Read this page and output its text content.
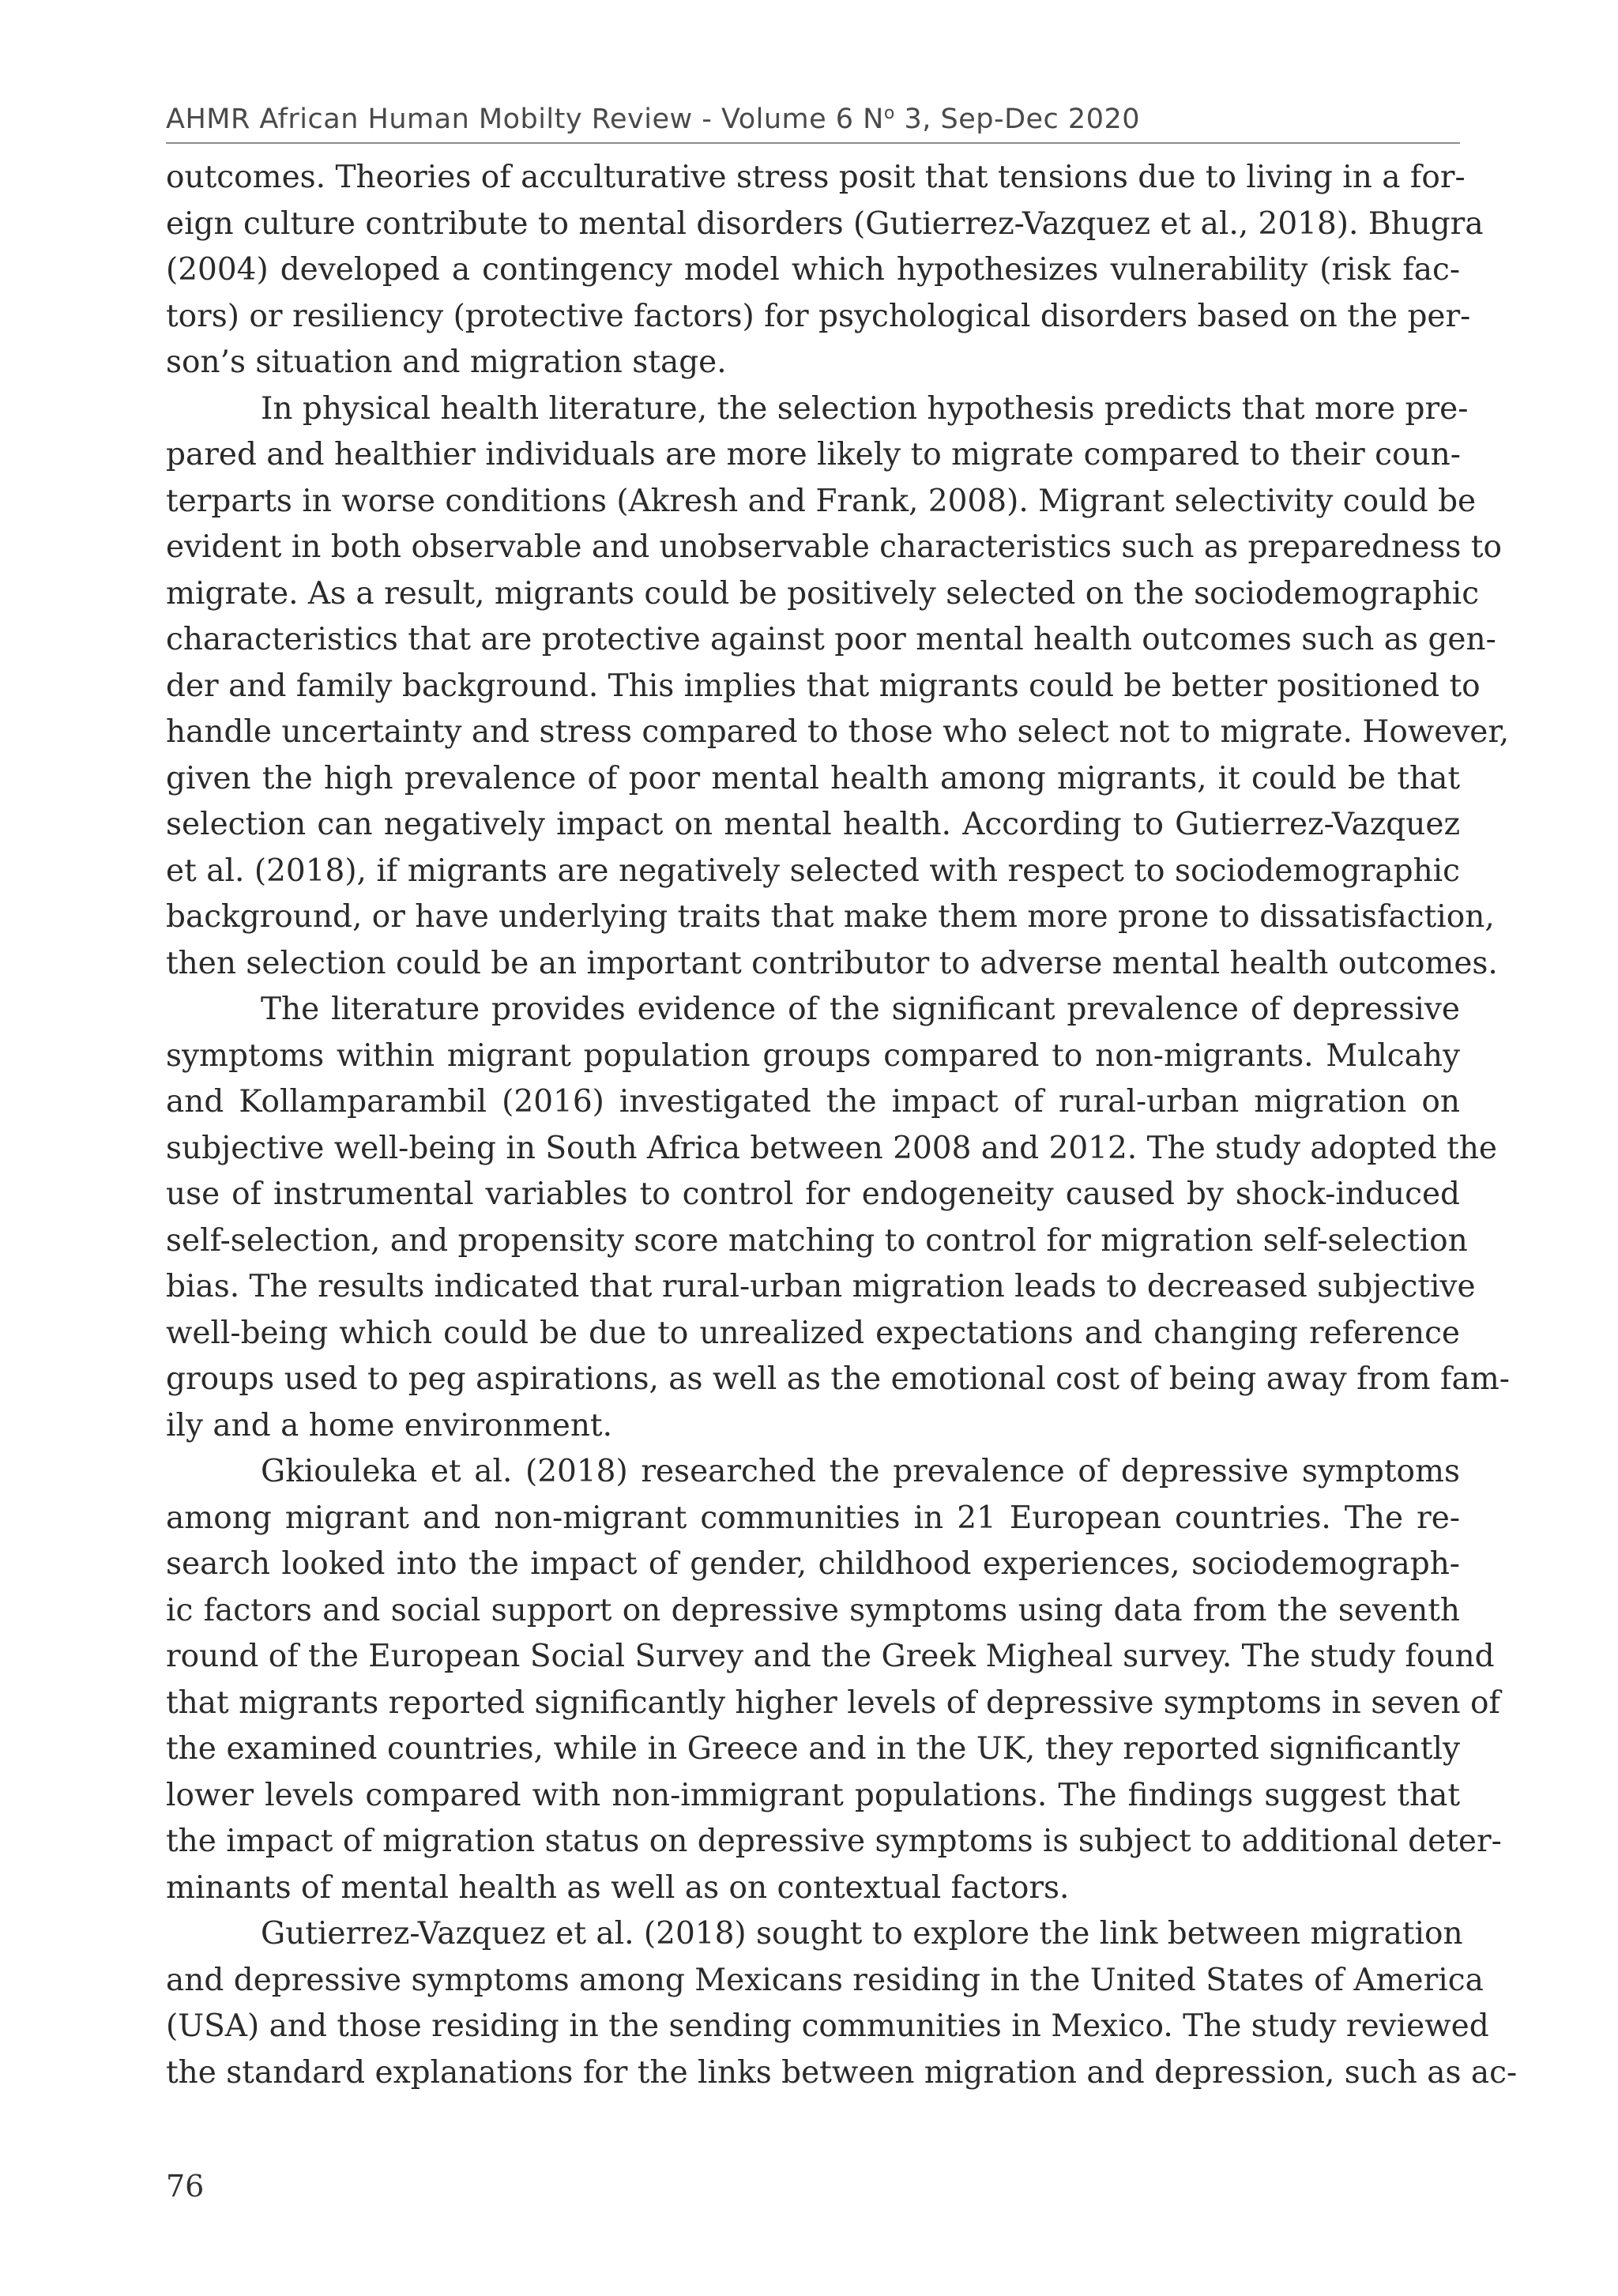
AHMR African Human Mobilty Review - Volume 6 $N^o$ 3, Sep-Dec 2020
outcomes. Theories of acculturative stress posit that tensions due to living in a for-
eign culture contribute to mental disorders (Gutierrez-Vazquez et al., 2018). Bhugra
(2004) developed a contingency model which hypothesizes vulnerability (risk fac-
tors) or resiliency (protective factors) for psychological disorders based on the per-
son’s situation and migration stage.
In physical health literature, the selection hypothesis predicts that more pre-
pared and healthier individuals are more likely to migrate compared to their coun-
terparts in worse conditions (Akresh and Frank, 2008). Migrant selectivity could be
evident in both observable and unobservable characteristics such as preparedness to
migrate. As a result, migrants could be positively selected on the sociodemographic
characteristics that are protective against poor mental health outcomes such as gen-
der and family background. This implies that migrants could be better positioned to
handle uncertainty and stress compared to those who select not to migrate. However,
given the high prevalence of poor mental health among migrants, it could be that
selection can negatively impact on mental health. According to Gutierrez-Vazquez
et al. (2018), if migrants are negatively selected with respect to sociodemographic
background, or have underlying traits that make them more prone to dissatisfaction,
then selection could be an important contributor to adverse mental health outcomes.
The literature provides evidence of the significant prevalence of depressive
symptoms within migrant population groups compared to non-migrants. Mulcahy
and Kollamparambil (2016) investigated the impact of rural-urban migration on
subjective well-being in South Africa between 2008 and 2012. The study adopted the
use of instrumental variables to control for endogeneity caused by shock-induced
self-selection, and propensity score matching to control for migration self-selection
bias. The results indicated that rural-urban migration leads to decreased subjective
well-being which could be due to unrealized expectations and changing reference
groups used to peg aspirations, as well as the emotional cost of being away from fam-
ily and a home environment.
Gkiouleka et al. (2018) researched the prevalence of depressive symptoms
among migrant and non-migrant communities in 21 European countries. The re-
search looked into the impact of gender, childhood experiences, sociodemograph-
ic factors and social support on depressive symptoms using data from the seventh
round of the European Social Survey and the Greek Migheal survey. The study found
that migrants reported significantly higher levels of depressive symptoms in seven of
the examined countries, while in Greece and in the UK, they reported significantly
lower levels compared with non-immigrant populations. The findings suggest that
the impact of migration status on depressive symptoms is subject to additional deter-
minants of mental health as well as on contextual factors.
Gutierrez-Vazquez et al. (2018) sought to explore the link between migration
and depressive symptoms among Mexicans residing in the United States of America
(USA) and those residing in the sending communities in Mexico. The study reviewed
the standard explanations for the links between migration and depression, such as ac-
76
